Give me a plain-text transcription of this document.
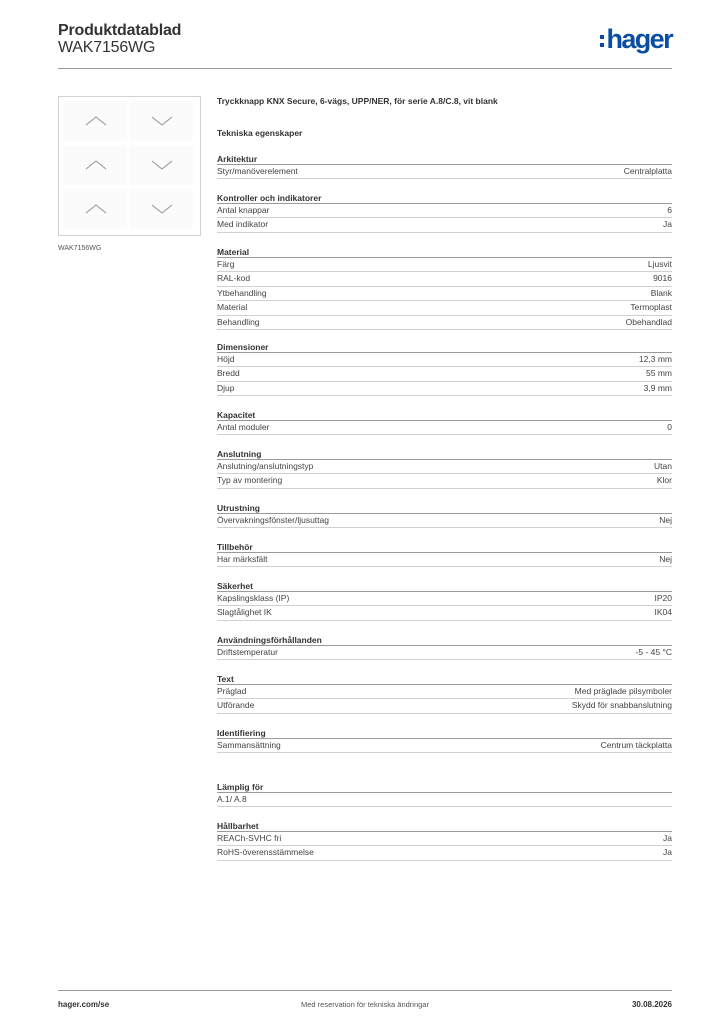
Produktdatablad
WAK7156WG	hager
WAK7156WG
Tryckknapp KNX Secure, 6-vägs, UPP/NER, för serie A.8/C.8, vit blank
Tekniska egenskaper
Arkitektur
Styr/manöverelement	Centralplatta
Kontroller och indikatorer
Antal knappar	6
Med indikator	Ja
Material
Färg	Ljusvit
RAL-kod	9016
Ytbehandling	Blank
Material	Termoplast
Behandling	Obehandlad
Dimensioner
Höjd	12,3 mm
Bredd	55 mm
Djup	3,9 mm
Kapacitet
Antal moduler	0
Anslutning
Anslutning/anslutningstyp	Utan
Typ av montering	Klor
Utrustning
Övervakningsfönster/ljusuttag	Nej
Tillbehör
Har märksfält	Nej
Säkerhet
Kapslingsklass (IP)	IP20
Slagtålighet IK	IK04
Användningsförhållanden
Driftstemperatur	-5 - 45 °C
Text
Präglad	Med präglade pilsymboler
Utförande	Skydd för snabbanslutning
Identifiering
Sammansättning	Centrum täckplatta
Lämplig för
A.1/ A.8
Hållbarhet
REACh-SVHC fri	Ja
RoHS-överensstämmelse	Ja
hager.com/se	Med reservation för tekniska ändringar	30.08.2026
